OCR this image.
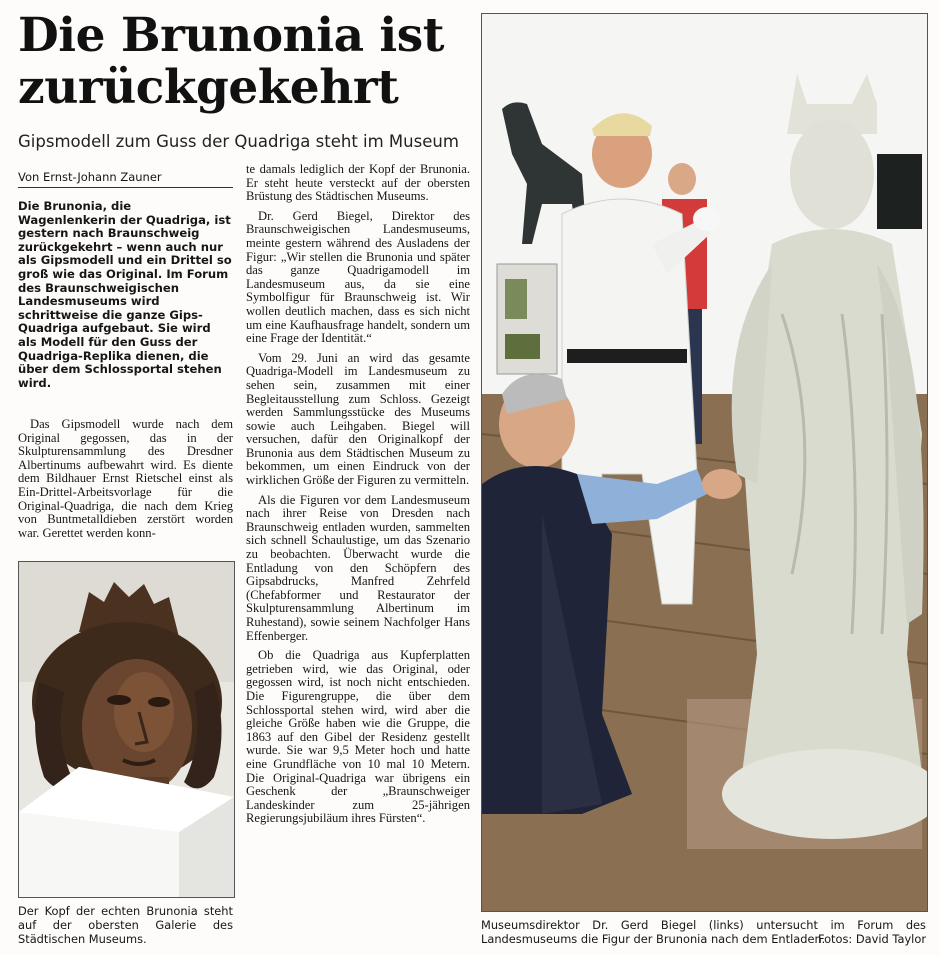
Die Brunonia ist
zurückgekehrt
Gipsmodell zum Guss der Quadriga steht im Museum
Von Ernst-Johann Zauner
Die Brunonia, die Wagenlenkerin der Quadriga, ist gestern nach Braunschweig zurückgekehrt – wenn auch nur als Gipsmodell und ein Drittel so groß wie das Original. Im Forum des Braunschweigischen Landesmuseums wird schrittweise die ganze Gips-Quadriga aufgebaut. Sie wird als Modell für den Guss der Quadriga-Replika dienen, die über dem Schlossportal stehen wird.

Das Gipsmodell wurde nach dem Original gegossen, das in der Skulpturensammlung des Dresdner Albertinums aufbewahrt wird. Es diente dem Bildhauer Ernst Rietschel einst als Ein-Drittel-Arbeitsvorlage für die Original-Quadriga, die nach dem Krieg von Buntmetalldieben zerstört worden war. Gerettet werden konn-

Der Kopf der echten Brunonia steht auf der obersten Galerie des Städtischen Museums.

te damals lediglich der Kopf der Brunonia. Er steht heute versteckt auf der obersten Brüstung des Städtischen Museums.

Dr. Gerd Biegel, Direktor des Braunschweigischen Landesmuseums, meinte gestern während des Ausladens der Figur: „Wir stellen die Brunonia und später das ganze Quadrigamodell im Landesmuseum aus, da sie eine Symbolfigur für Braunschweig ist. Wir wollen deutlich machen, dass es sich nicht um eine Kaufhausfrage handelt, sondern um eine Frage der Identität.“

Vom 29. Juni an wird das gesamte Quadriga-Modell im Landesmuseum zu sehen sein, zusammen mit einer Begleitausstellung zum Schloss. Gezeigt werden Sammlungsstücke des Museums sowie auch Leihgaben. Biegel will versuchen, dafür den Originalkopf der Brunonia aus dem Städtischen Museum zu bekommen, um einen Eindruck von der wirklichen Größe der Figuren zu vermitteln.

Als die Figuren vor dem Landesmuseum nach ihrer Reise von Dresden nach Braunschweig entladen wurden, sammelten sich schnell Schaulustige, um das Szenario zu beobachten. Überwacht wurde die Entladung von den Schöpfern des Gipsabdrucks, Manfred Zehrfeld (Chefabformer und Restaurator der Skulpturensammlung Albertinum im Ruhestand), sowie seinem Nachfolger Hans Effenberger.

Ob die Quadriga aus Kupferplatten getrieben wird, wie das Original, oder gegossen wird, ist noch nicht entschieden. Die Figurengruppe, die über dem Schlossportal stehen wird, wird aber die gleiche Größe haben wie die Gruppe, die 1863 auf den Gibel der Residenz gestellt wurde. Sie war 9,5 Meter hoch und hatte eine Grundfläche von 10 mal 10 Metern. Die Original-Quadriga war übrigens ein Geschenk der „Braunschweiger Landeskinder zum 25-jährigen Regierungsjubiläum ihres Fürsten“.

Museumsdirektor Dr. Gerd Biegel (links) untersucht im Forum des Landesmuseums die Figur der Brunonia nach dem Entladen.
Fotos: David Taylor
